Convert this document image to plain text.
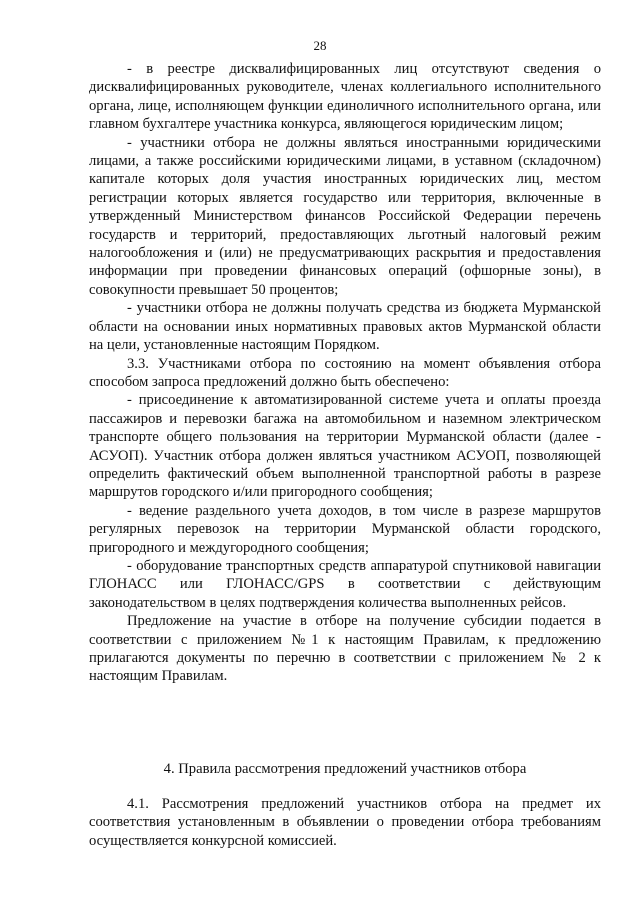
28

- в реестре дисквалифицированных лиц отсутствуют сведения о дисквалифицированных руководителе, членах коллегиального исполнительного органа, лице, исполняющем функции единоличного исполнительного органа, или главном бухгалтере участника конкурса, являющегося юридическим лицом;

- участники отбора не должны являться иностранными юридическими лицами, а также российскими юридическими лицами, в уставном (складочном) капитале которых доля участия иностранных юридических лиц, местом регистрации которых является государство или территория, включенные в утвержденный Министерством финансов Российской Федерации перечень государств и территорий, предоставляющих льготный налоговый режим налогообложения и (или) не предусматривающих раскрытия и предоставления информации при проведении финансовых операций (офшорные зоны), в совокупности превышает 50 процентов;

- участники отбора не должны получать средства из бюджета Мурманской области на основании иных нормативных правовых актов Мурманской области на цели, установленные настоящим Порядком.

3.3. Участниками отбора по состоянию на момент объявления отбора способом запроса предложений должно быть обеспечено:

- присоединение к автоматизированной системе учета и оплаты проезда пассажиров и перевозки багажа на автомобильном и наземном электрическом транспорте общего пользования на территории Мурманской области (далее - АСУОП). Участник отбора должен являться участником АСУОП, позволяющей определить фактический объем выполненной транспортной работы в разрезе маршрутов городского и/или пригородного сообщения;

- ведение раздельного учета доходов, в том числе в разрезе маршрутов регулярных перевозок на территории Мурманской области городского, пригородного и междугородного сообщения;

- оборудование транспортных средств аппаратурой спутниковой навигации ГЛОНАСС или ГЛОНАСС/GPS в соответствии с действующим законодательством в целях подтверждения количества выполненных рейсов.

Предложение на участие в отборе на получение субсидии подается в соответствии с приложением №1 к настоящим Правилам, к предложению прилагаются документы по перечню в соответствии с приложением № 2 к настоящим Правилам.

4. Правила рассмотрения предложений участников отбора

4.1. Рассмотрения предложений участников отбора на предмет их соответствия установленным в объявлении о проведении отбора требованиям осуществляется конкурсной комиссией.
